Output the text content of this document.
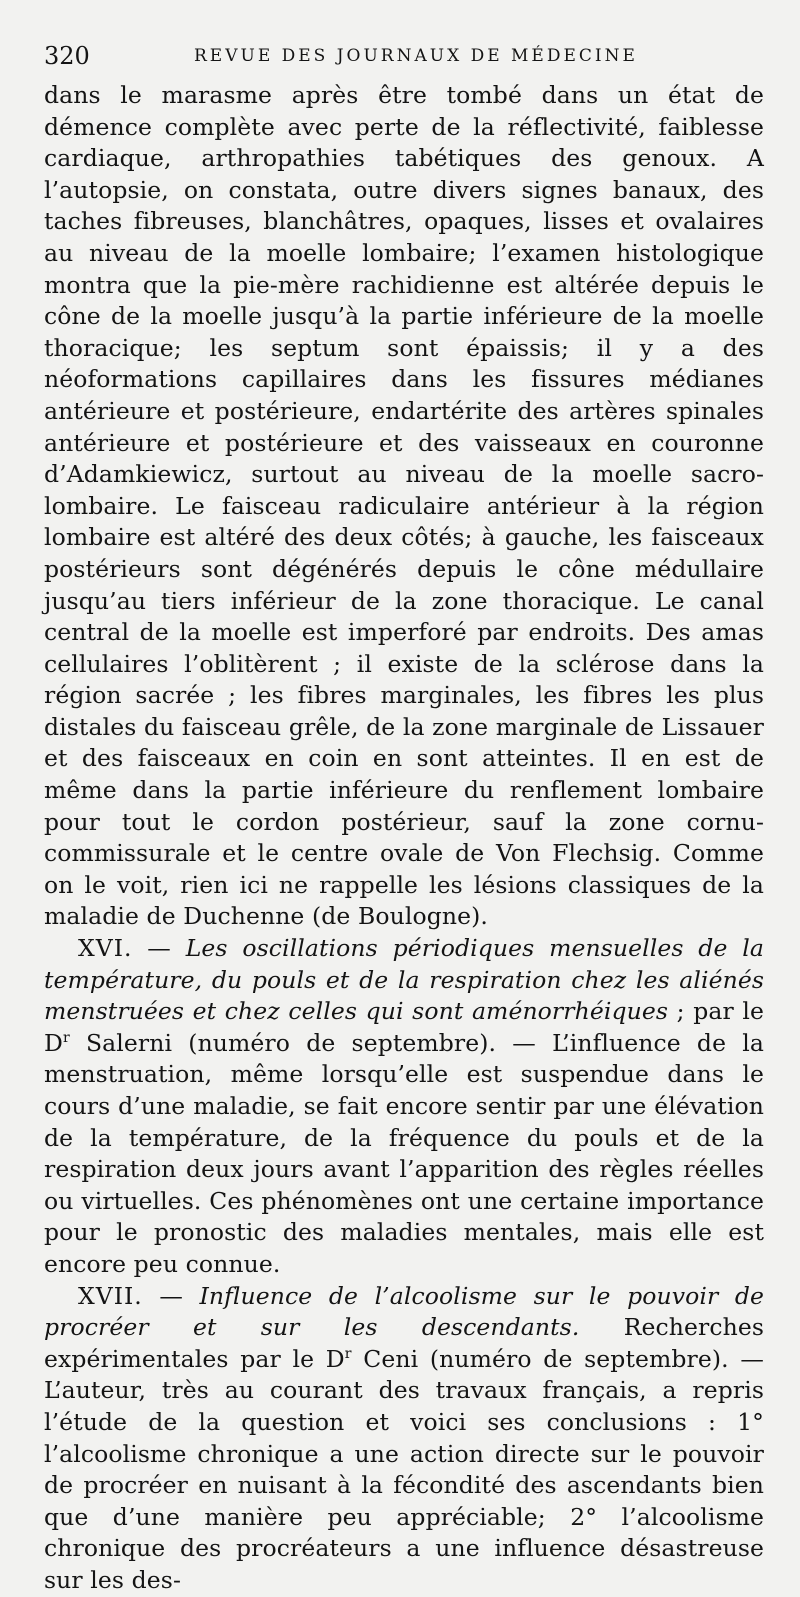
320	REVUE DES JOURNAUX DE MÉDECINE

dans le marasme après être tombé dans un état de démence complète avec perte de la réflectivité, faiblesse cardiaque, arthropathies tabétiques des genoux. A l’autopsie, on constata, outre divers signes banaux, des taches fibreuses, blanchâtres, opaques, lisses et ovalaires au niveau de la moelle lombaire; l’examen histologique montra que la pie-mère rachidienne est altérée depuis le cône de la moelle jusqu’à la partie inférieure de la moelle thoracique; les septum sont épaissis; il y a des néoformations capillaires dans les fissures médianes antérieure et postérieure, endartérite des artères spinales antérieure et postérieure et des vaisseaux en couronne d’Adamkiewicz, surtout au niveau de la moelle sacro-lombaire. Le faisceau radiculaire antérieur à la région lombaire est altéré des deux côtés; à gauche, les faisceaux postérieurs sont dégénérés depuis le cône médullaire jusqu’au tiers inférieur de la zone thoracique. Le canal central de la moelle est imperforé par endroits. Des amas cellulaires l’oblitèrent ; il existe de la sclérose dans la région sacrée ; les fibres marginales, les fibres les plus distales du faisceau grêle, de la zone marginale de Lissauer et des faisceaux en coin en sont atteintes. Il en est de même dans la partie inférieure du renflement lombaire pour tout le cordon postérieur, sauf la zone cornu-commissurale et le centre ovale de Von Flechsig. Comme on le voit, rien ici ne rappelle les lésions classiques de la maladie de Duchenne (de Boulogne).

XVI. — Les oscillations périodiques mensuelles de la température, du pouls et de la respiration chez les aliénés menstruées et chez celles qui sont aménorrhéiques ; par le $D^r$ Salerni (numéro de septembre). — L’influence de la menstruation, même lorsqu’elle est suspendue dans le cours d’une maladie, se fait encore sentir par une élévation de la température, de la fréquence du pouls et de la respiration deux jours avant l’apparition des règles réelles ou virtuelles. Ces phénomènes ont une certaine importance pour le pronostic des maladies mentales, mais elle est encore peu connue.

XVII. — Influence de l’alcoolisme sur le pouvoir de procréer et sur les descendants. Recherches expérimentales par le $D^r$ Ceni (numéro de septembre). — L’auteur, très au courant des travaux français, a repris l’étude de la question et voici ses conclusions : 1° l’alcoolisme chronique a une action directe sur le pouvoir de procréer en nuisant à la fécondité des ascendants bien que d’une manière peu appréciable; 2° l’alcoolisme chronique des procréateurs a une influence désastreuse sur les des-
